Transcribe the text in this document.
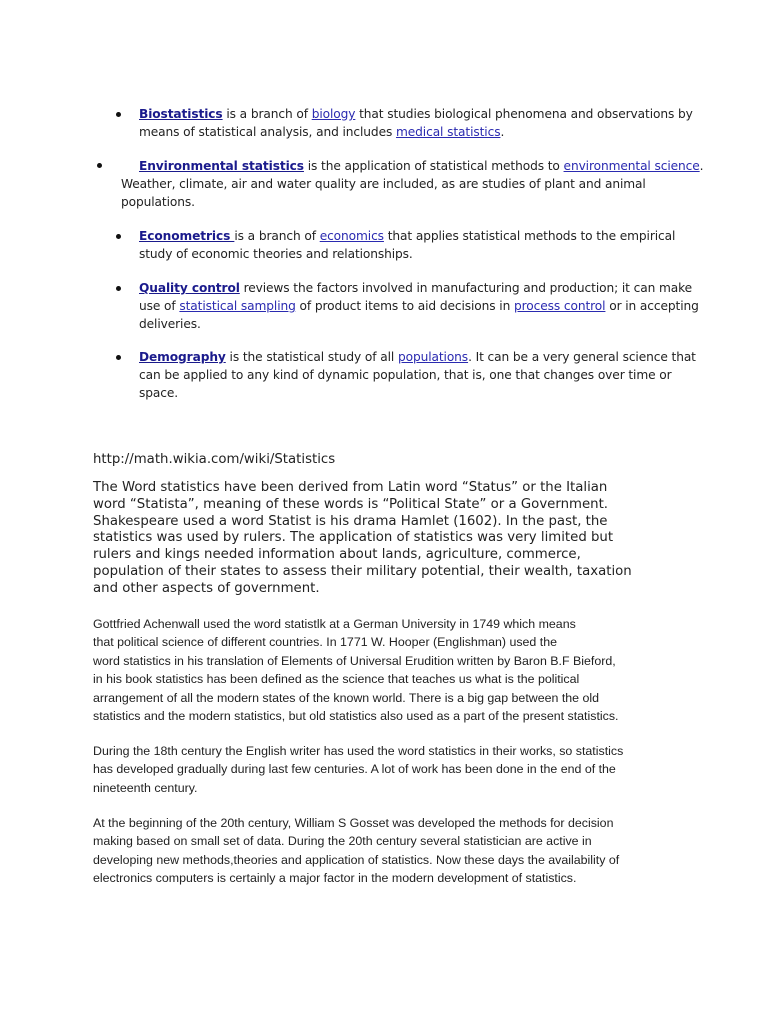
Biostatistics is a branch of biology that studies biological phenomena and observations by
means of statistical analysis, and includes medical statistics.
Environmental statistics is the application of statistical methods to environmental science.
Weather, climate, air and water quality are included, as are studies of plant and animal
populations.
Econometrics is a branch of economics that applies statistical methods to the empirical
study of economic theories and relationships.
Quality control reviews the factors involved in manufacturing and production; it can make
use of statistical sampling of product items to aid decisions in process control or in accepting
deliveries.
Demography is the statistical study of all populations. It can be a very general science that
can be applied to any kind of dynamic population, that is, one that changes over time or
space.
http://math.wikia.com/wiki/Statistics
The Word statistics have been derived from Latin word “Status” or the Italian
word “Statista”, meaning of these words is “Political State” or a Government.
Shakespeare used a word Statist is his drama Hamlet (1602). In the past, the
statistics was used by rulers. The application of statistics was very limited but
rulers and kings needed information about lands, agriculture, commerce,
population of their states to assess their military potential, their wealth, taxation
and other aspects of government.
Gottfried Achenwall used the word statistlk at a German University in 1749 which means
that political science of different countries. In 1771 W. Hooper (Englishman) used the
word statistics in his translation of Elements of Universal Erudition written by Baron B.F Bieford,
in his book statistics has been defined as the science that teaches us what is the political
arrangement of all the modern states of the known world. There is a big gap between the old
statistics and the modern statistics, but old statistics also used as a part of the present statistics.
During the 18th century the English writer has used the word statistics in their works, so statistics
has developed gradually during last few centuries. A lot of work has been done in the end of the
nineteenth century.
At the beginning of the 20th century, William S Gosset was developed the methods for decision
making based on small set of data. During the 20th century several statistician are active in
developing new methods,theories and application of statistics. Now these days the availability of
electronics computers is certainly a major factor in the modern development of statistics.
